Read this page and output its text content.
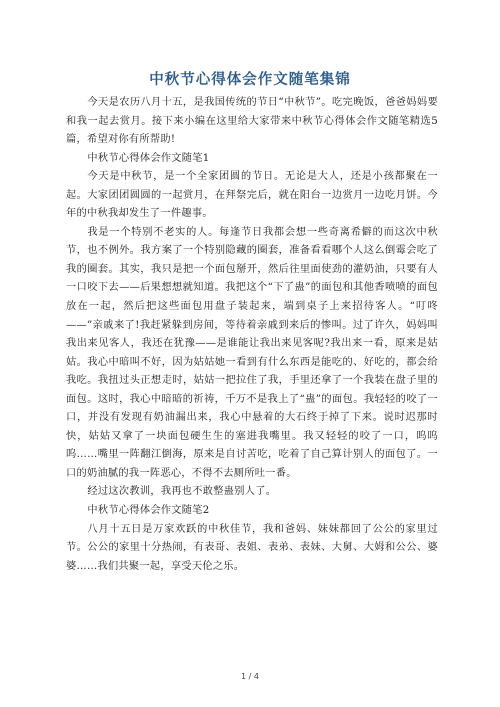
中秋节心得体会作文随笔集锦

今天是农历八月十五，是我国传统的节日“中秋节”。吃完晚饭，爸爸妈妈要和我一起去赏月。接下来小编在这里给大家带来中秋节心得体会作文随笔精选5篇，希望对你有所帮助!

中秋节心得体会作文随笔1

今天是中秋节，是一个全家团圆的节日。无论是大人，还是小孩都聚在一起。大家团团圆圆的一起赏月，在拜祭完后，就在阳台一边赏月一边吃月饼。今年的中秋我却发生了一件趣事。

我是一个特别不老实的人。每逢节日我都会想一些奇离希僻的而这次中秋节，也不例外。我方案了一个特别隐藏的圈套，准备看看哪个人这么倒霉会吃了我的圈套。其实，我只是把一个面包掰开，然后往里面使劲的灌奶油，只要有人一口咬下去——后果想想就知道。我把这个“下了蛊”的面包和其他香喷喷的面包放在一起，然后把这些面包用盘子装起来，端到桌子上来招待客人。“叮咚——”亲戚来了!我赶紧躲到房间，等待着亲戚到来后的惨叫。过了许久，妈妈叫我出来见客人，我还在犹豫——是谁能让我出来见客呢?我出来一看，原来是姑姑。我心中暗叫不好，因为姑姑她一看到有什么东西是能吃的、好吃的，都会给我吃。我扭过头正想走时，姑姑一把拉住了我，手里还拿了一个我装在盘子里的面包。这时，我心中暗暗的祈祷，千万不是我上了“蛊”的面包。我轻轻的咬了一口，并没有发现有奶油漏出来，我心中悬着的大石终于掉了下来。说时迟那时快，姑姑又拿了一块面包硬生生的塞进我嘴里。我又轻轻的咬了一口，呜呜呜……嘴里一阵翻江倒海，原来是自讨苦吃，吃着了自己算计别人的面包了。一口的奶油腻的我一阵恶心，不得不去厕所吐一番。

经过这次教训，我再也不敢整蛊别人了。

中秋节心得体会作文随笔2

八月十五日是万家欢跃的中秋佳节，我和爸妈、妹妹都回了公公的家里过节。公公的家里十分热闹，有表哥、表姐、表弟、表妹、大舅、大姆和公公、婆婆……我们共聚一起，享受天伦之乐。

1 / 4
